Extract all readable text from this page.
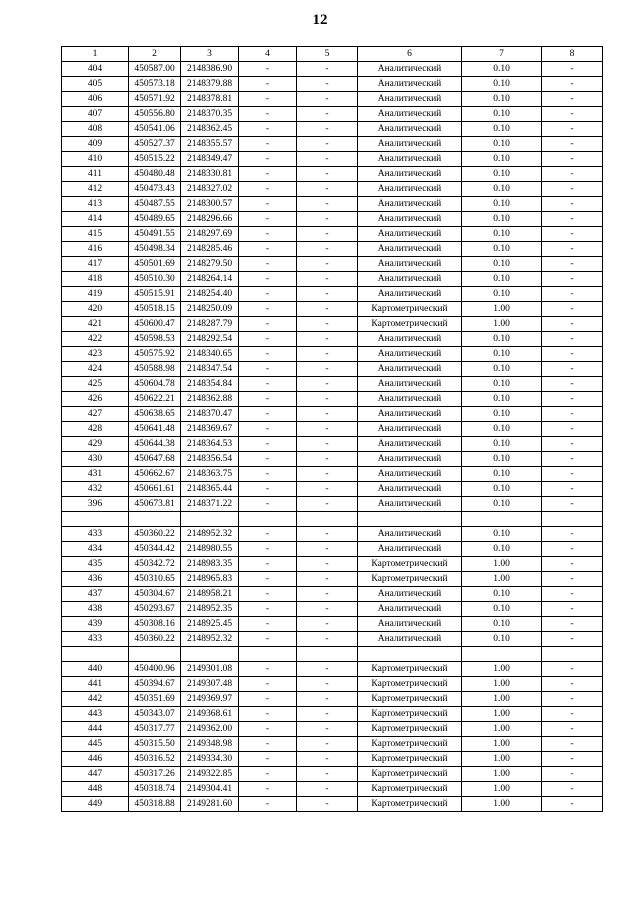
12
1	2	3	4	5	6	7	8
404	450587.00	2148386.90	-	-	Аналитический	0.10	-
405	450573.18	2148379.88	-	-	Аналитический	0.10	-
406	450571.92	2148378.81	-	-	Аналитический	0.10	-
407	450556.80	2148370.35	-	-	Аналитический	0.10	-
408	450541.06	2148362.45	-	-	Аналитический	0.10	-
409	450527.37	2148355.57	-	-	Аналитический	0.10	-
410	450515.22	2148349.47	-	-	Аналитический	0.10	-
411	450480.48	2148330.81	-	-	Аналитический	0.10	-
412	450473.43	2148327.02	-	-	Аналитический	0.10	-
413	450487.55	2148300.57	-	-	Аналитический	0.10	-
414	450489.65	2148296.66	-	-	Аналитический	0.10	-
415	450491.55	2148297.69	-	-	Аналитический	0.10	-
416	450498.34	2148285.46	-	-	Аналитический	0.10	-
417	450501.69	2148279.50	-	-	Аналитический	0.10	-
418	450510.30	2148264.14	-	-	Аналитический	0.10	-
419	450515.91	2148254.40	-	-	Аналитический	0.10	-
420	450518.15	2148250.09	-	-	Картометрический	1.00	-
421	450600.47	2148287.79	-	-	Картометрический	1.00	-
422	450598.53	2148292.54	-	-	Аналитический	0.10	-
423	450575.92	2148340.65	-	-	Аналитический	0.10	-
424	450588.98	2148347.54	-	-	Аналитический	0.10	-
425	450604.78	2148354.84	-	-	Аналитический	0.10	-
426	450622.21	2148362.88	-	-	Аналитический	0.10	-
427	450638.65	2148370.47	-	-	Аналитический	0.10	-
428	450641.48	2148369.67	-	-	Аналитический	0.10	-
429	450644.38	2148364.53	-	-	Аналитический	0.10	-
430	450647.68	2148356.54	-	-	Аналитический	0.10	-
431	450662.67	2148363.75	-	-	Аналитический	0.10	-
432	450661.61	2148365.44	-	-	Аналитический	0.10	-
396	450673.81	2148371.22	-	-	Аналитический	0.10	-

433	450360.22	2148952.32	-	-	Аналитический	0.10	-
434	450344.42	2148980.55	-	-	Аналитический	0.10	-
435	450342.72	2148983.35	-	-	Картометрический	1.00	-
436	450310.65	2148965.83	-	-	Картометрический	1.00	-
437	450304.67	2148958.21	-	-	Аналитический	0.10	-
438	450293.67	2148952.35	-	-	Аналитический	0.10	-
439	450308.16	2148925.45	-	-	Аналитический	0.10	-
433	450360.22	2148952.32	-	-	Аналитический	0.10	-

440	450400.96	2149301.08	-	-	Картометрический	1.00	-
441	450394.67	2149307.48	-	-	Картометрический	1.00	-
442	450351.69	2149369.97	-	-	Картометрический	1.00	-
443	450343.07	2149368.61	-	-	Картометрический	1.00	-
444	450317.77	2149362.00	-	-	Картометрический	1.00	-
445	450315.50	2149348.98	-	-	Картометрический	1.00	-
446	450316.52	2149334.30	-	-	Картометрический	1.00	-
447	450317.26	2149322.85	-	-	Картометрический	1.00	-
448	450318.74	2149304.41	-	-	Картометрический	1.00	-
449	450318.88	2149281.60	-	-	Картометрический	1.00	-
